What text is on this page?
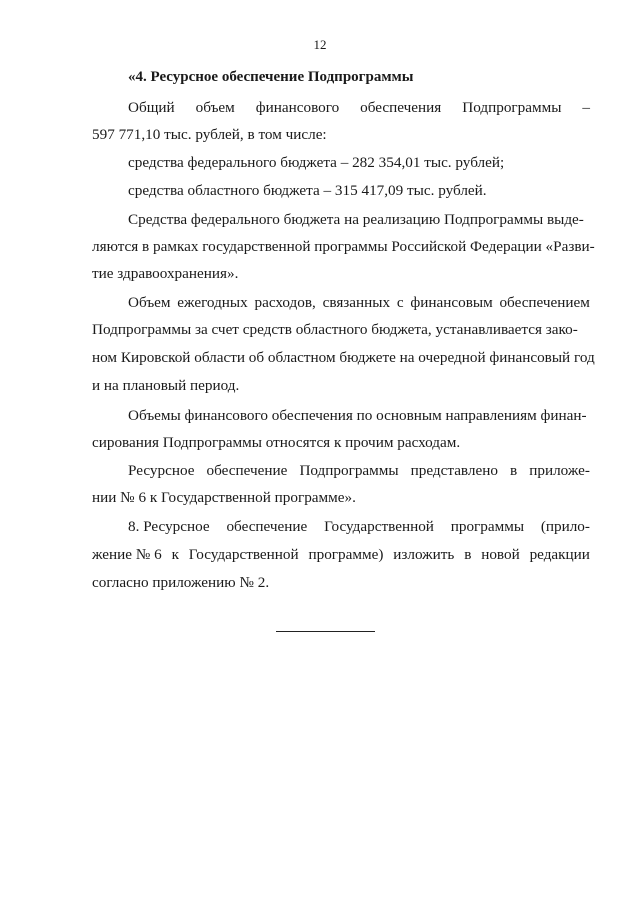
12
«4. Ресурсное обеспечение Подпрограммы
Общий объем финансового обеспечения Подпрограммы –
597 771,10 тыс. рублей, в том числе:
средства федерального бюджета – 282 354,01 тыс. рублей;
средства областного бюджета – 315 417,09 тыс. рублей.
Средства федерального бюджета на реализацию Подпрограммы выде-
ляются в рамках государственной программы Российской Федерации «Разви-
тие здравоохранения».
Объем ежегодных расходов, связанных с финансовым обеспечением
Подпрограммы за счет средств областного бюджета, устанавливается зако-
ном Кировской области об областном бюджете на очередной финансовый год
и на плановый период.
Объемы финансового обеспечения по основным направлениям финан-
сирования Подпрограммы относятся к прочим расходам.
Ресурсное обеспечение Подпрограммы представлено в приложе-
нии № 6 к Государственной программе».
8. Ресурсное обеспечение Государственной программы (прило-
жение № 6 к Государственной программе) изложить в новой редакции
согласно приложению № 2.
